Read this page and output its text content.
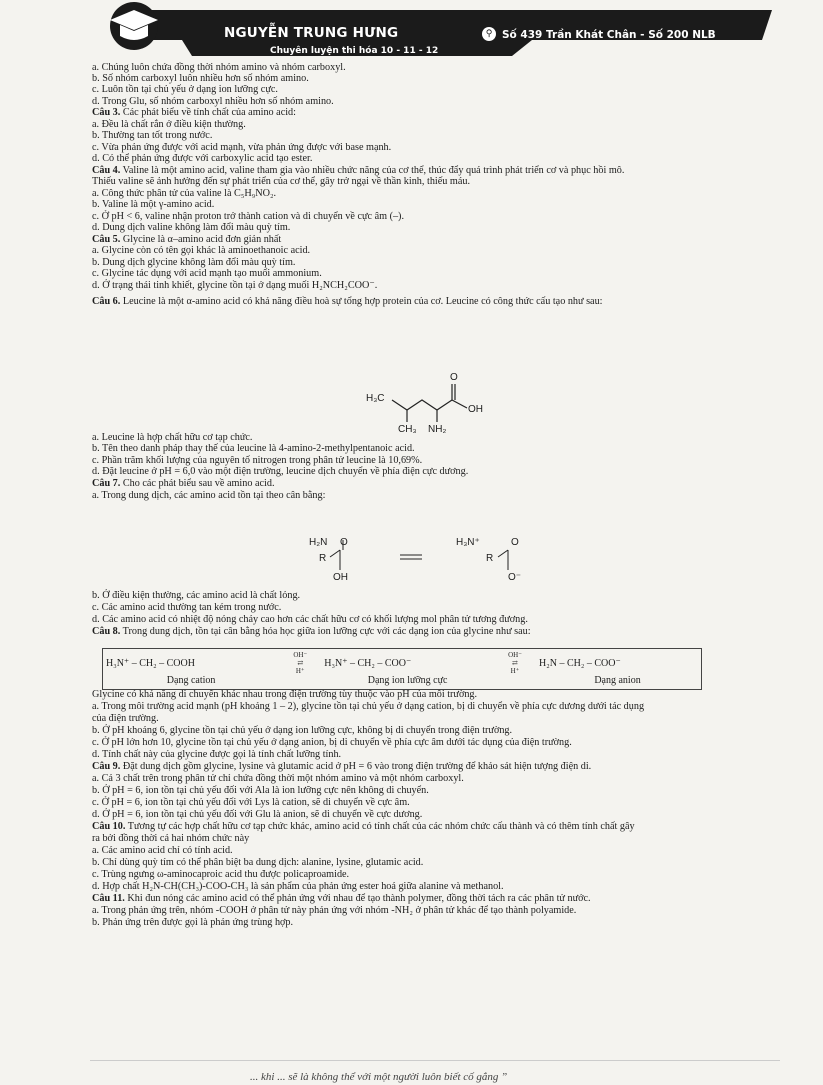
NGUYỄN TRUNG HƯNG
Chuyên luyện thi hóa 10 - 11 - 12
⚲ Số 439 Trần Khát Chân - Số 200 NLB
a. Chúng luôn chứa đồng thời nhóm amino và nhóm carboxyl.
b. Số nhóm carboxyl luôn nhiều hơn số nhóm amino.
c. Luôn tồn tại chủ yếu ở dạng ion lưỡng cực.
d. Trong Glu, số nhóm carboxyl nhiều hơn số nhóm amino.
Câu 3. Các phát biểu về tính chất của amino acid:
a. Đều là chất rắn ở điều kiện thường.
b. Thường tan tốt trong nước.
c. Vừa phản ứng được với acid mạnh, vừa phản ứng được với base mạnh.
d. Có thể phản ứng được với carboxylic acid tạo ester.
Câu 4. Valine là một amino acid, valine tham gia vào nhiều chức năng của cơ thể, thúc đẩy quá trình phát triển cơ và phục hồi mô.
Thiếu valine sẽ ảnh hưởng đến sự phát triển của cơ thể, gây trở ngại về thần kinh, thiếu máu.
a. Công thức phân tử của valine là C₅H₉NO₂.
b. Valine là một γ-amino acid.
c. Ở pH < 6, valine nhận proton trở thành cation và di chuyển về cực âm (–).
d. Dung dịch valine không làm đổi màu quỳ tím.
Câu 5. Glycine là α–amino acid đơn giản nhất
a. Glycine còn có tên gọi khác là aminoethanoic acid.
b. Dung dịch glycine không làm đổi màu quỳ tím.
c. Glycine tác dụng với acid mạnh tạo muối ammonium.
d. Ở trạng thái tinh khiết, glycine tồn tại ở dạng muối H₂NCH₂COO⁻.
Câu 6. Leucine là một α-amino acid có khả năng điều hoà sự tổng hợp protein của cơ. Leucine có công thức cấu tạo như sau:
a. Leucine là hợp chất hữu cơ tạp chức.
b. Tên theo danh pháp thay thế của leucine là 4-amino-2-methylpentanoic acid.
c. Phần trăm khối lượng của nguyên tố nitrogen trong phân tử leucine là 10,69%.
d. Đặt leucine ở pH = 6,0 vào một điện trường, leucine dịch chuyển về phía điện cực dương.
Câu 7. Cho các phát biểu sau về amino acid.
a. Trong dung dịch, các amino acid tồn tại theo cân bằng:
b. Ở điều kiện thường, các amino acid là chất lỏng.
c. Các amino acid thường tan kém trong nước.
d. Các amino acid có nhiệt độ nóng chảy cao hơn các chất hữu cơ có khối lượng mol phân tử tương đương.
Câu 8. Trong dung dịch, tồn tại cân bằng hóa học giữa ion lưỡng cực với các dạng ion của glycine như sau:
Glycine có khả năng di chuyển khác nhau trong điện trường tùy thuộc vào pH của môi trường.
a. Trong môi trường acid mạnh (pH khoảng 1 – 2), glycine tồn tại chủ yếu ở dạng cation, bị di chuyển về phía cực dương dưới tác dụng
của điện trường.
b. Ở pH khoảng 6, glycine tồn tại chủ yếu ở dạng ion lưỡng cực, không bị di chuyển trong điện trường.
c. Ở pH lớn hơn 10, glycine tồn tại chủ yếu ở dạng anion, bị di chuyển về phía cực âm dưới tác dụng của điện trường.
d. Tính chất này của glycine được gọi là tính chất lưỡng tính.
Câu 9. Đặt dung dịch gồm glycine, lysine và glutamic acid ở pH = 6 vào trong điện trường để khảo sát hiện tượng điện di.
a. Cả 3 chất trên trong phân tử chỉ chứa đồng thời một nhóm amino và một nhóm carboxyl.
b. Ở pH = 6, ion tồn tại chủ yếu đối với Ala là ion lưỡng cực nên không di chuyển.
c. Ở pH = 6, ion tồn tại chủ yếu đối với Lys là cation, sẽ di chuyển về cực âm.
d. Ở pH = 6, ion tồn tại chủ yếu đối với Glu là anion, sẽ di chuyển về cực dương.
Câu 10. Tương tự các hợp chất hữu cơ tạp chức khác, amino acid có tính chất của các nhóm chức cấu thành và có thêm tính chất gây
ra bởi đồng thời cả hai nhóm chức này
a. Các amino acid chỉ có tính acid.
b. Chỉ dùng quỳ tím có thể phân biệt ba dung dịch: alanine, lysine, glutamic acid.
c. Trùng ngưng ω-aminocaproic acid thu được policaproamide.
d. Hợp chất H₂N-CH(CH₃)-COO-CH₃ là sản phẩm của phản ứng ester hoá giữa alanine và methanol.
Câu 11. Khi đun nóng các amino acid có thể phản ứng với nhau để tạo thành polymer, đồng thời tách ra các phân tử nước.
a. Trong phản ứng trên, nhóm -COOH ở phân tử này phản ứng với nhóm -NH₂ ở phân tử khác để tạo thành polyamide.
b. Phản ứng trên được gọi là phản ứng trùng hợp.
H₃C
O
OH
CH₃ NH₂
H₂N
R
O
OH
H₃N⁺
R
O
O⁻
H₃N⁺ – CH₂ – COOH	OH⁻
⇄
H⁺	H₃N⁺ – CH₂ – COO⁻	OH⁻
⇄
H⁺	H₂N – CH₂ – COO⁻
Dạng cation		Dạng ion lưỡng cực		Dạng anion
... khi ... sẽ là không thể với một người luôn biết cố gắng ”
